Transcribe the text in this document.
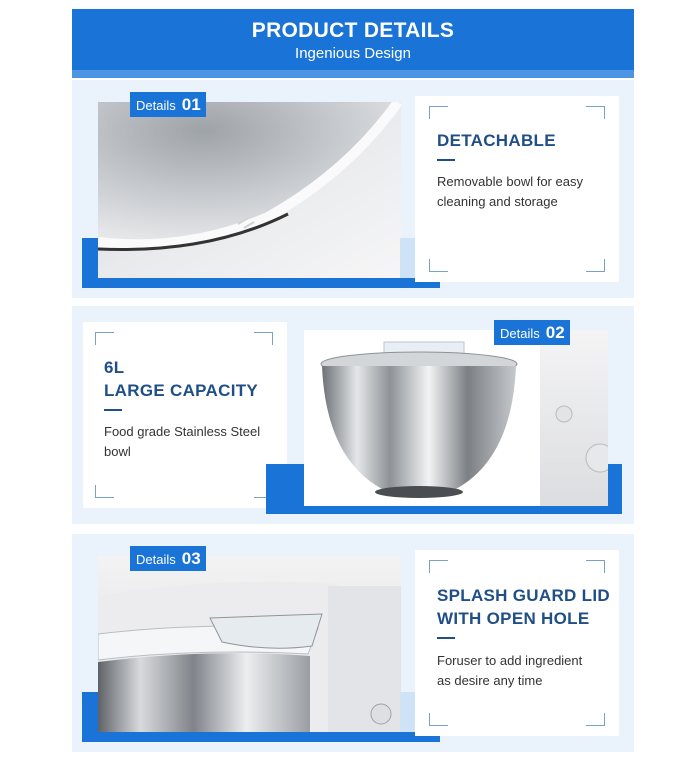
PRODUCT DETAILS
Ingenious Design
Details 01
DETACHABLE
Removable bowl for easy
cleaning and storage
6L
LARGE CAPACITY
Food grade Stainless Steel
bowl
Details 02
Details 03
SPLASH GUARD LID
WITH OPEN HOLE
Foruser to add ingredient
as desire any time
